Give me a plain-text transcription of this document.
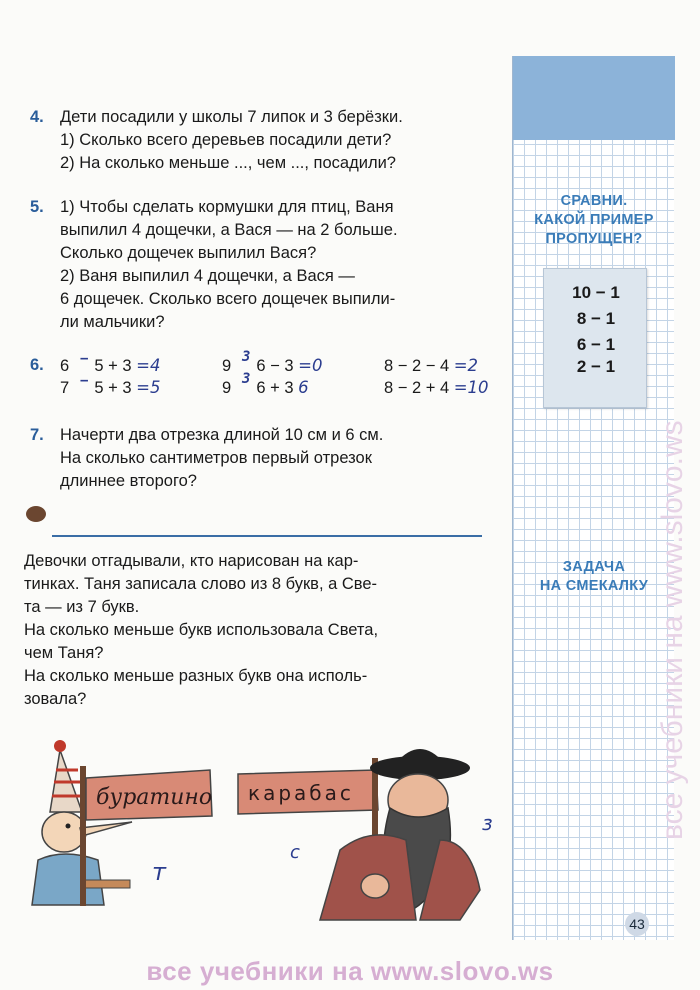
СРАВНИ.
КАКОЙ ПРИМЕР
ПРОПУЩЕН?
10 − 1
8 − 1
6 − 1
2 − 1
ЗАДАЧА
НА СМЕКАЛКУ все учебники на www.slovo.ws
4. Дети посадили у школы 7 липок и 3 берёзки.
1) Сколько всего деревьев посадили дети?
2) На сколько меньше ..., чем ..., посадили?
5. 1) Чтобы сделать кормушки для птиц, Ваня
выпилил 4 дощечки, а Вася — на 2 больше.
Сколько дощечек выпилил Вася?
2) Ваня выпилил 4 дощечки, а Вася —
6 дощечек. Сколько всего дощечек выпили-
ли мальчики?
6. 6 5 + 3 =4
7 5 + 3 =5
−
−
9 6 − 3 =0
9 6 + 3 6
3
3
8 − 2 − 4 =2
8 − 2 + 4 =10
7. Начерти два отрезка длиной 10 см и 6 см.
На сколько сантиметров первый отрезок
длиннее второго?
Девочки отгадывали, кто нарисован на кар-
тинках. Таня записала слово из 8 букв, а Све-
та — из 7 букв.
На сколько меньше букв использовала Света,
чем Таня?
На сколько меньше разных букв она исполь-
зовала?
буратино карабас
т
с
з
43
все учебники на www.slovo.ws
